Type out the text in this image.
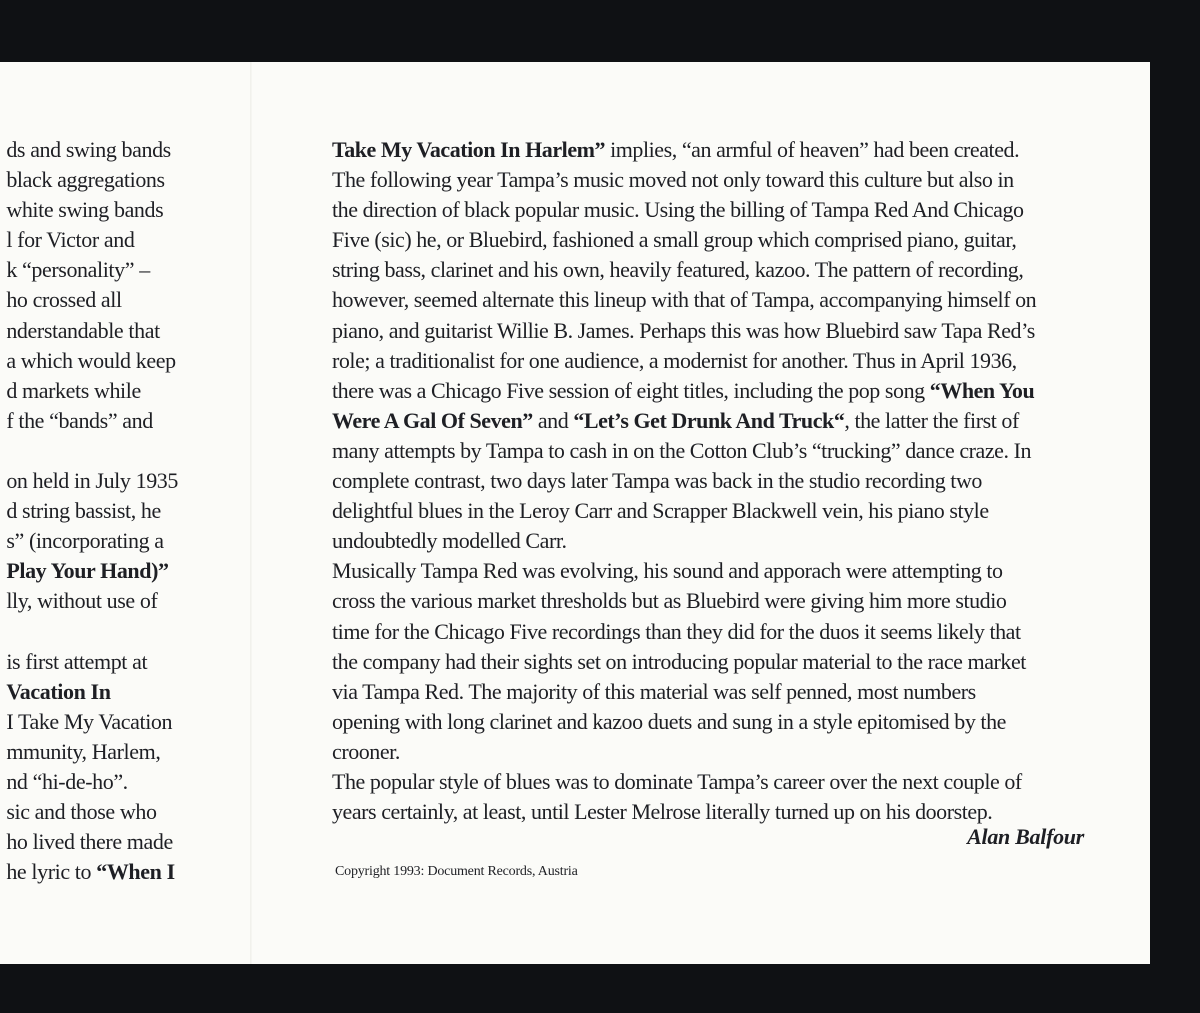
ds and swing bands
black aggregations
white swing bands
l for Victor and
k “personality” –
ho crossed all
nderstandable that
a which would keep
d markets while
f the “bands” and
on held in July 1935
d string bassist, he
s” (incorporating a
Play Your Hand)”
lly, without use of
is first attempt at
Vacation In
I Take My Vacation
mmunity, Harlem,
nd “hi-de-ho”.
sic and those who
ho lived there made
he lyric to “When I
Take My Vacation In Harlem” implies, “an armful of heaven” had been created.
The following year Tampa’s music moved not only toward this culture but also in
the direction of black popular music. Using the billing of Tampa Red And Chicago
Five (sic) he, or Bluebird, fashioned a small group which comprised piano, guitar,
string bass, clarinet and his own, heavily featured, kazoo. The pattern of recording,
however, seemed alternate this lineup with that of Tampa, accompanying himself on
piano, and guitarist Willie B. James. Perhaps this was how Bluebird saw Tapa Red’s
role; a traditionalist for one audience, a modernist for another. Thus in April 1936,
there was a Chicago Five session of eight titles, including the pop song “When You
Were A Gal Of Seven” and “Let’s Get Drunk And Truck“, the latter the first of
many attempts by Tampa to cash in on the Cotton Club’s “trucking” dance craze. In
complete contrast, two days later Tampa was back in the studio recording two
delightful blues in the Leroy Carr and Scrapper Blackwell vein, his piano style
undoubtedly modelled Carr.
Musically Tampa Red was evolving, his sound and apporach were attempting to
cross the various market thresholds but as Bluebird were giving him more studio
time for the Chicago Five recordings than they did for the duos it seems likely that
the company had their sights set on introducing popular material to the race market
via Tampa Red. The majority of this material was self penned, most numbers
opening with long clarinet and kazoo duets and sung in a style epitomised by the
crooner.
The popular style of blues was to dominate Tampa’s career over the next couple of
years certainly, at least, until Lester Melrose literally turned up on his doorstep.
Alan Balfour
Copyright 1993: Document Records, Austria
